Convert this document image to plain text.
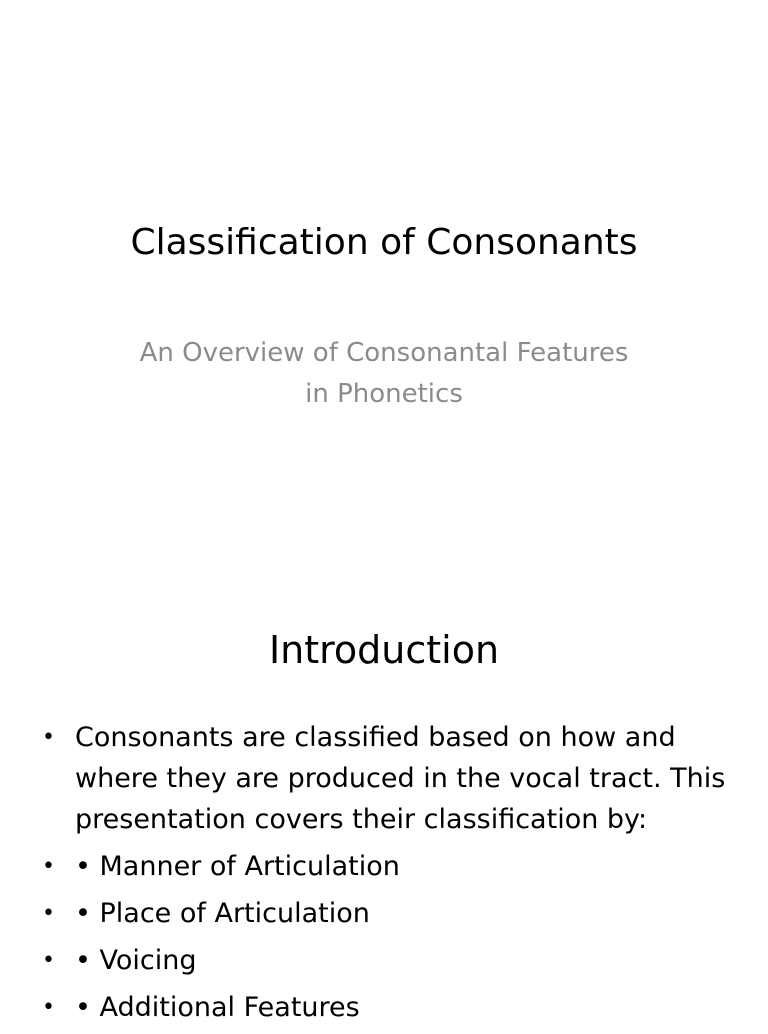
Classification of Consonants
An Overview of Consonantal Features
in Phonetics
Introduction
• Consonants are classified based on how and where they are produced in the vocal tract. This presentation covers their classification by:
• • Manner of Articulation
• • Place of Articulation
• • Voicing
• • Additional Features
